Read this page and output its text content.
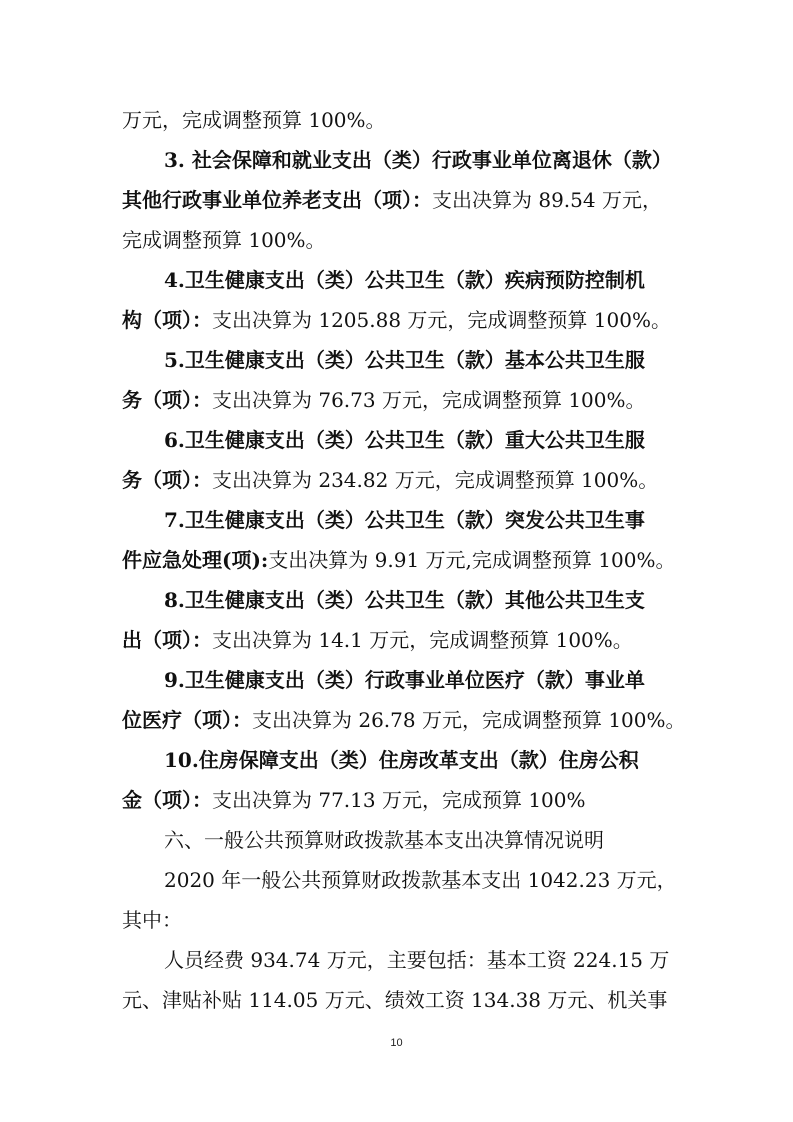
万元，完成调整预算 100%。

3. 社会保障和就业支出（类）行政事业单位离退休（款）
其他行政事业单位养老支出（项）：支出决算为 89.54 万元，
完成调整预算 100%。

4.卫生健康支出（类）公共卫生（款）疾病预防控制机
构（项）：支出决算为 1205.88 万元，完成调整预算 100%。

5.卫生健康支出（类）公共卫生（款）基本公共卫生服
务（项）：支出决算为 76.73 万元，完成调整预算 100%。

6.卫生健康支出（类）公共卫生（款）重大公共卫生服
务（项）：支出决算为 234.82 万元，完成调整预算 100%。

7.卫生健康支出（类）公共卫生（款）突发公共卫生事
件应急处理(项):支出决算为 9.91 万元,完成调整预算 100%。

8.卫生健康支出（类）公共卫生（款）其他公共卫生支
出（项）：支出决算为 14.1 万元，完成调整预算 100%。

9.卫生健康支出（类）行政事业单位医疗（款）事业单
位医疗（项）：支出决算为 26.78 万元，完成调整预算 100%。

10.住房保障支出（类）住房改革支出（款）住房公积
金（项）：支出决算为 77.13 万元，完成预算 100%

六、一般公共预算财政拨款基本支出决算情况说明

2020 年一般公共预算财政拨款基本支出 1042.23 万元，
其中：

人员经费 934.74 万元，主要包括：基本工资 224.15 万
元、津贴补贴 114.05 万元、绩效工资 134.38 万元、机关事

10
